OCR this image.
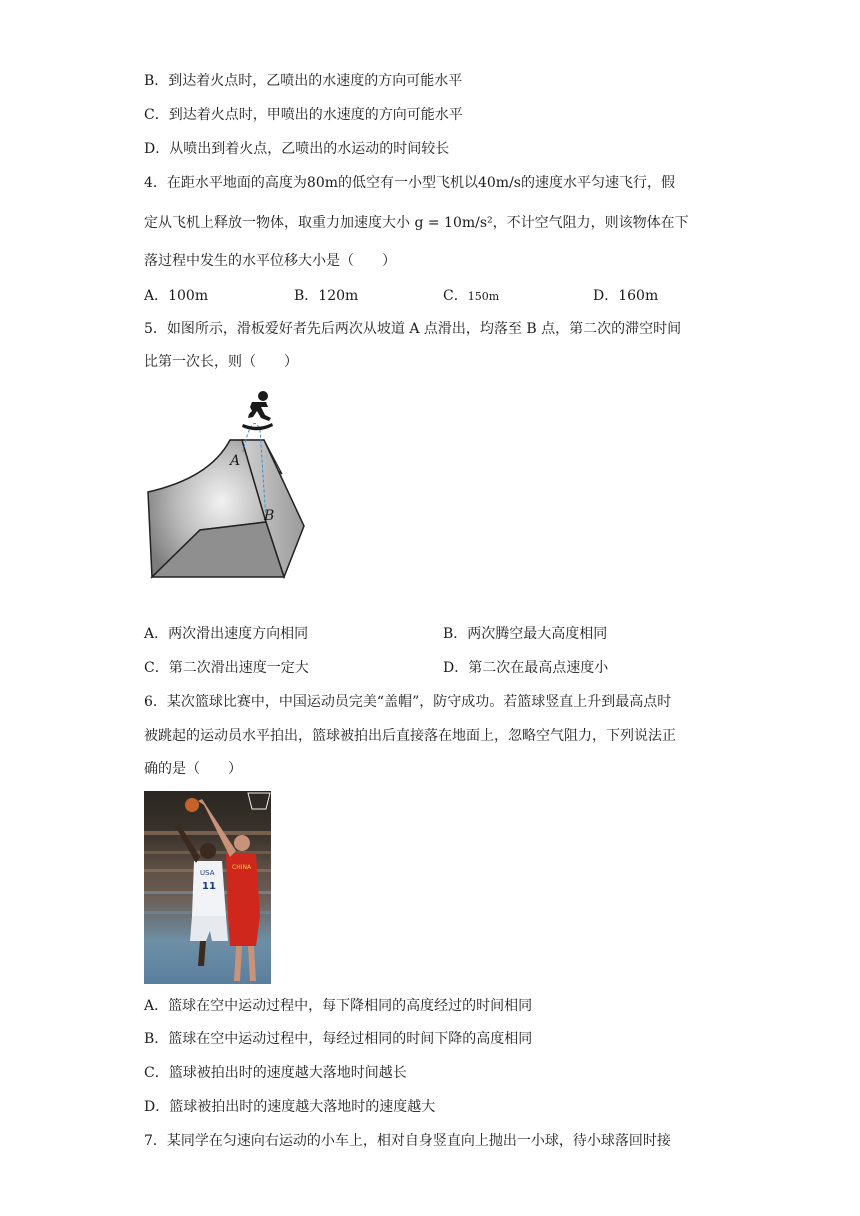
B．到达着火点时，乙喷出的水速度的方向可能水平
C．到达着火点时，甲喷出的水速度的方向可能水平
D．从喷出到着火点，乙喷出的水运动的时间较长
4．在距水平地面的高度为80m的低空有一小型飞机以40m/s的速度水平匀速飞行，假
定从飞机上释放一物体，取重力加速度大小 g = 10m/s²，不计空气阻力，则该物体在下
落过程中发生的水平位移大小是（　　）
A．100m	B．120m	C．150m	D．160m
5．如图所示，滑板爱好者先后两次从坡道 A 点滑出，均落至 B 点，第二次的滞空时间
比第一次长，则（　　）
A
B
A．两次滑出速度方向相同	B．两次腾空最大高度相同
C．第二次滑出速度一定大	D．第二次在最高点速度小
6．某次篮球比赛中，中国运动员完美“盖帽”，防守成功。若篮球竖直上升到最高点时
被跳起的运动员水平拍出，篮球被拍出后直接落在地面上，忽略空气阻力，下列说法正
确的是（　　）
USA
11
CHINA
A．篮球在空中运动过程中，每下降相同的高度经过的时间相同
B．篮球在空中运动过程中，每经过相同的时间下降的高度相同
C．篮球被拍出时的速度越大落地时间越长
D．篮球被拍出时的速度越大落地时的速度越大
7．某同学在匀速向右运动的小车上，相对自身竖直向上抛出一小球，待小球落回时接
